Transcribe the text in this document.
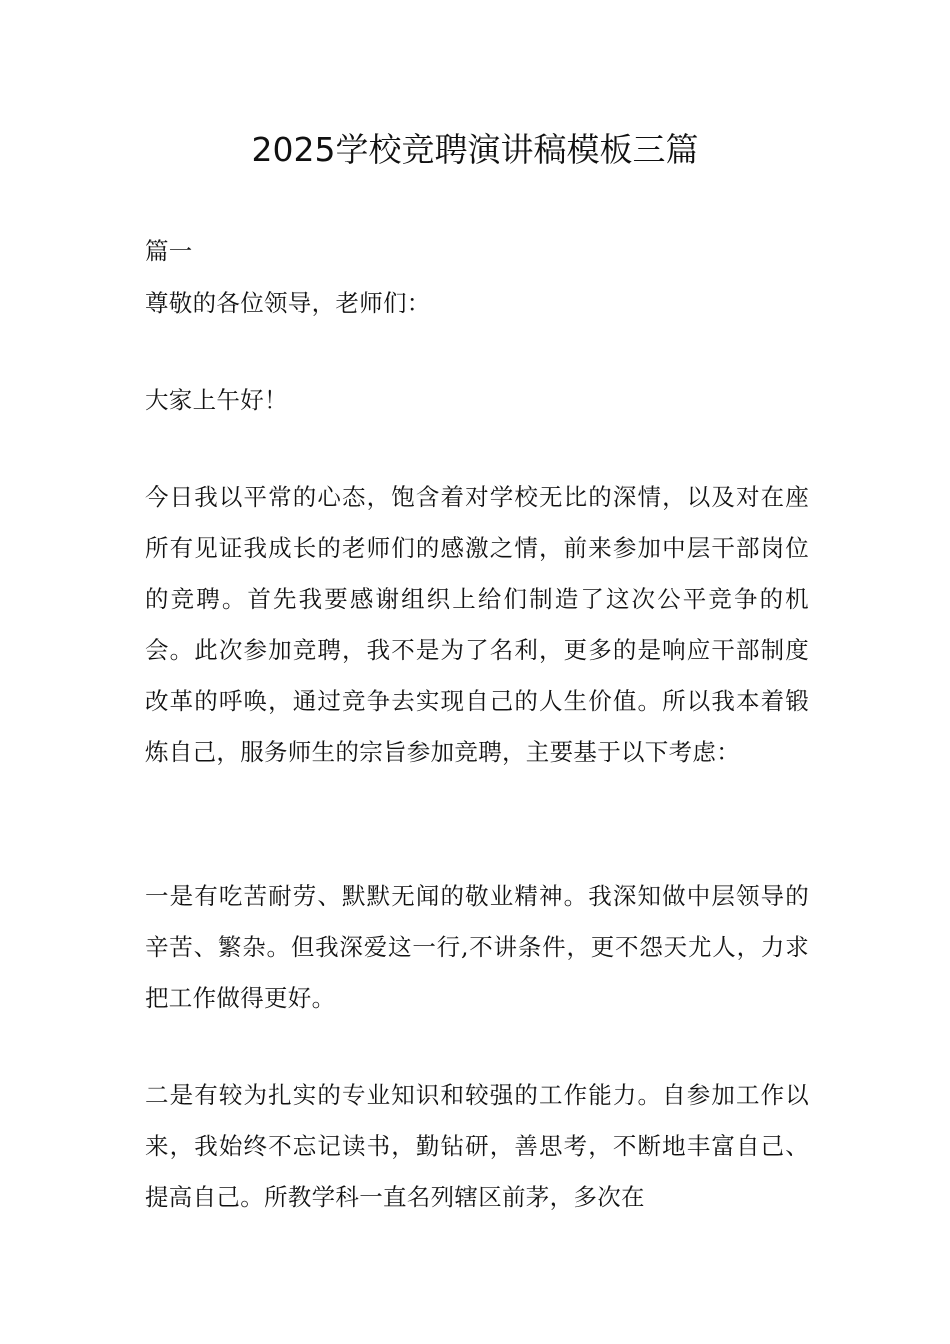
2025学校竞聘演讲稿模板三篇

篇一

尊敬的各位领导，老师们：

大家上午好！

今日我以平常的心态，饱含着对学校无比的深情，以及对在座所有见证我成长的老师们的感激之情，前来参加中层干部岗位的竞聘。首先我要感谢组织上给们制造了这次公平竞争的机会。此次参加竞聘，我不是为了名利，更多的是响应干部制度改革的呼唤，通过竞争去实现自己的人生价值。所以我本着锻炼自己，服务师生的宗旨参加竞聘，主要基于以下考虑：

一是有吃苦耐劳、默默无闻的敬业精神。我深知做中层领导的辛苦、繁杂。但我深爱这一行,不讲条件，更不怨天尤人，力求把工作做得更好。

二是有较为扎实的专业知识和较强的工作能力。自参加工作以来，我始终不忘记读书，勤钻研，善思考，不断地丰富自己、提高自己。所教学科一直名列辖区前茅，多次在
